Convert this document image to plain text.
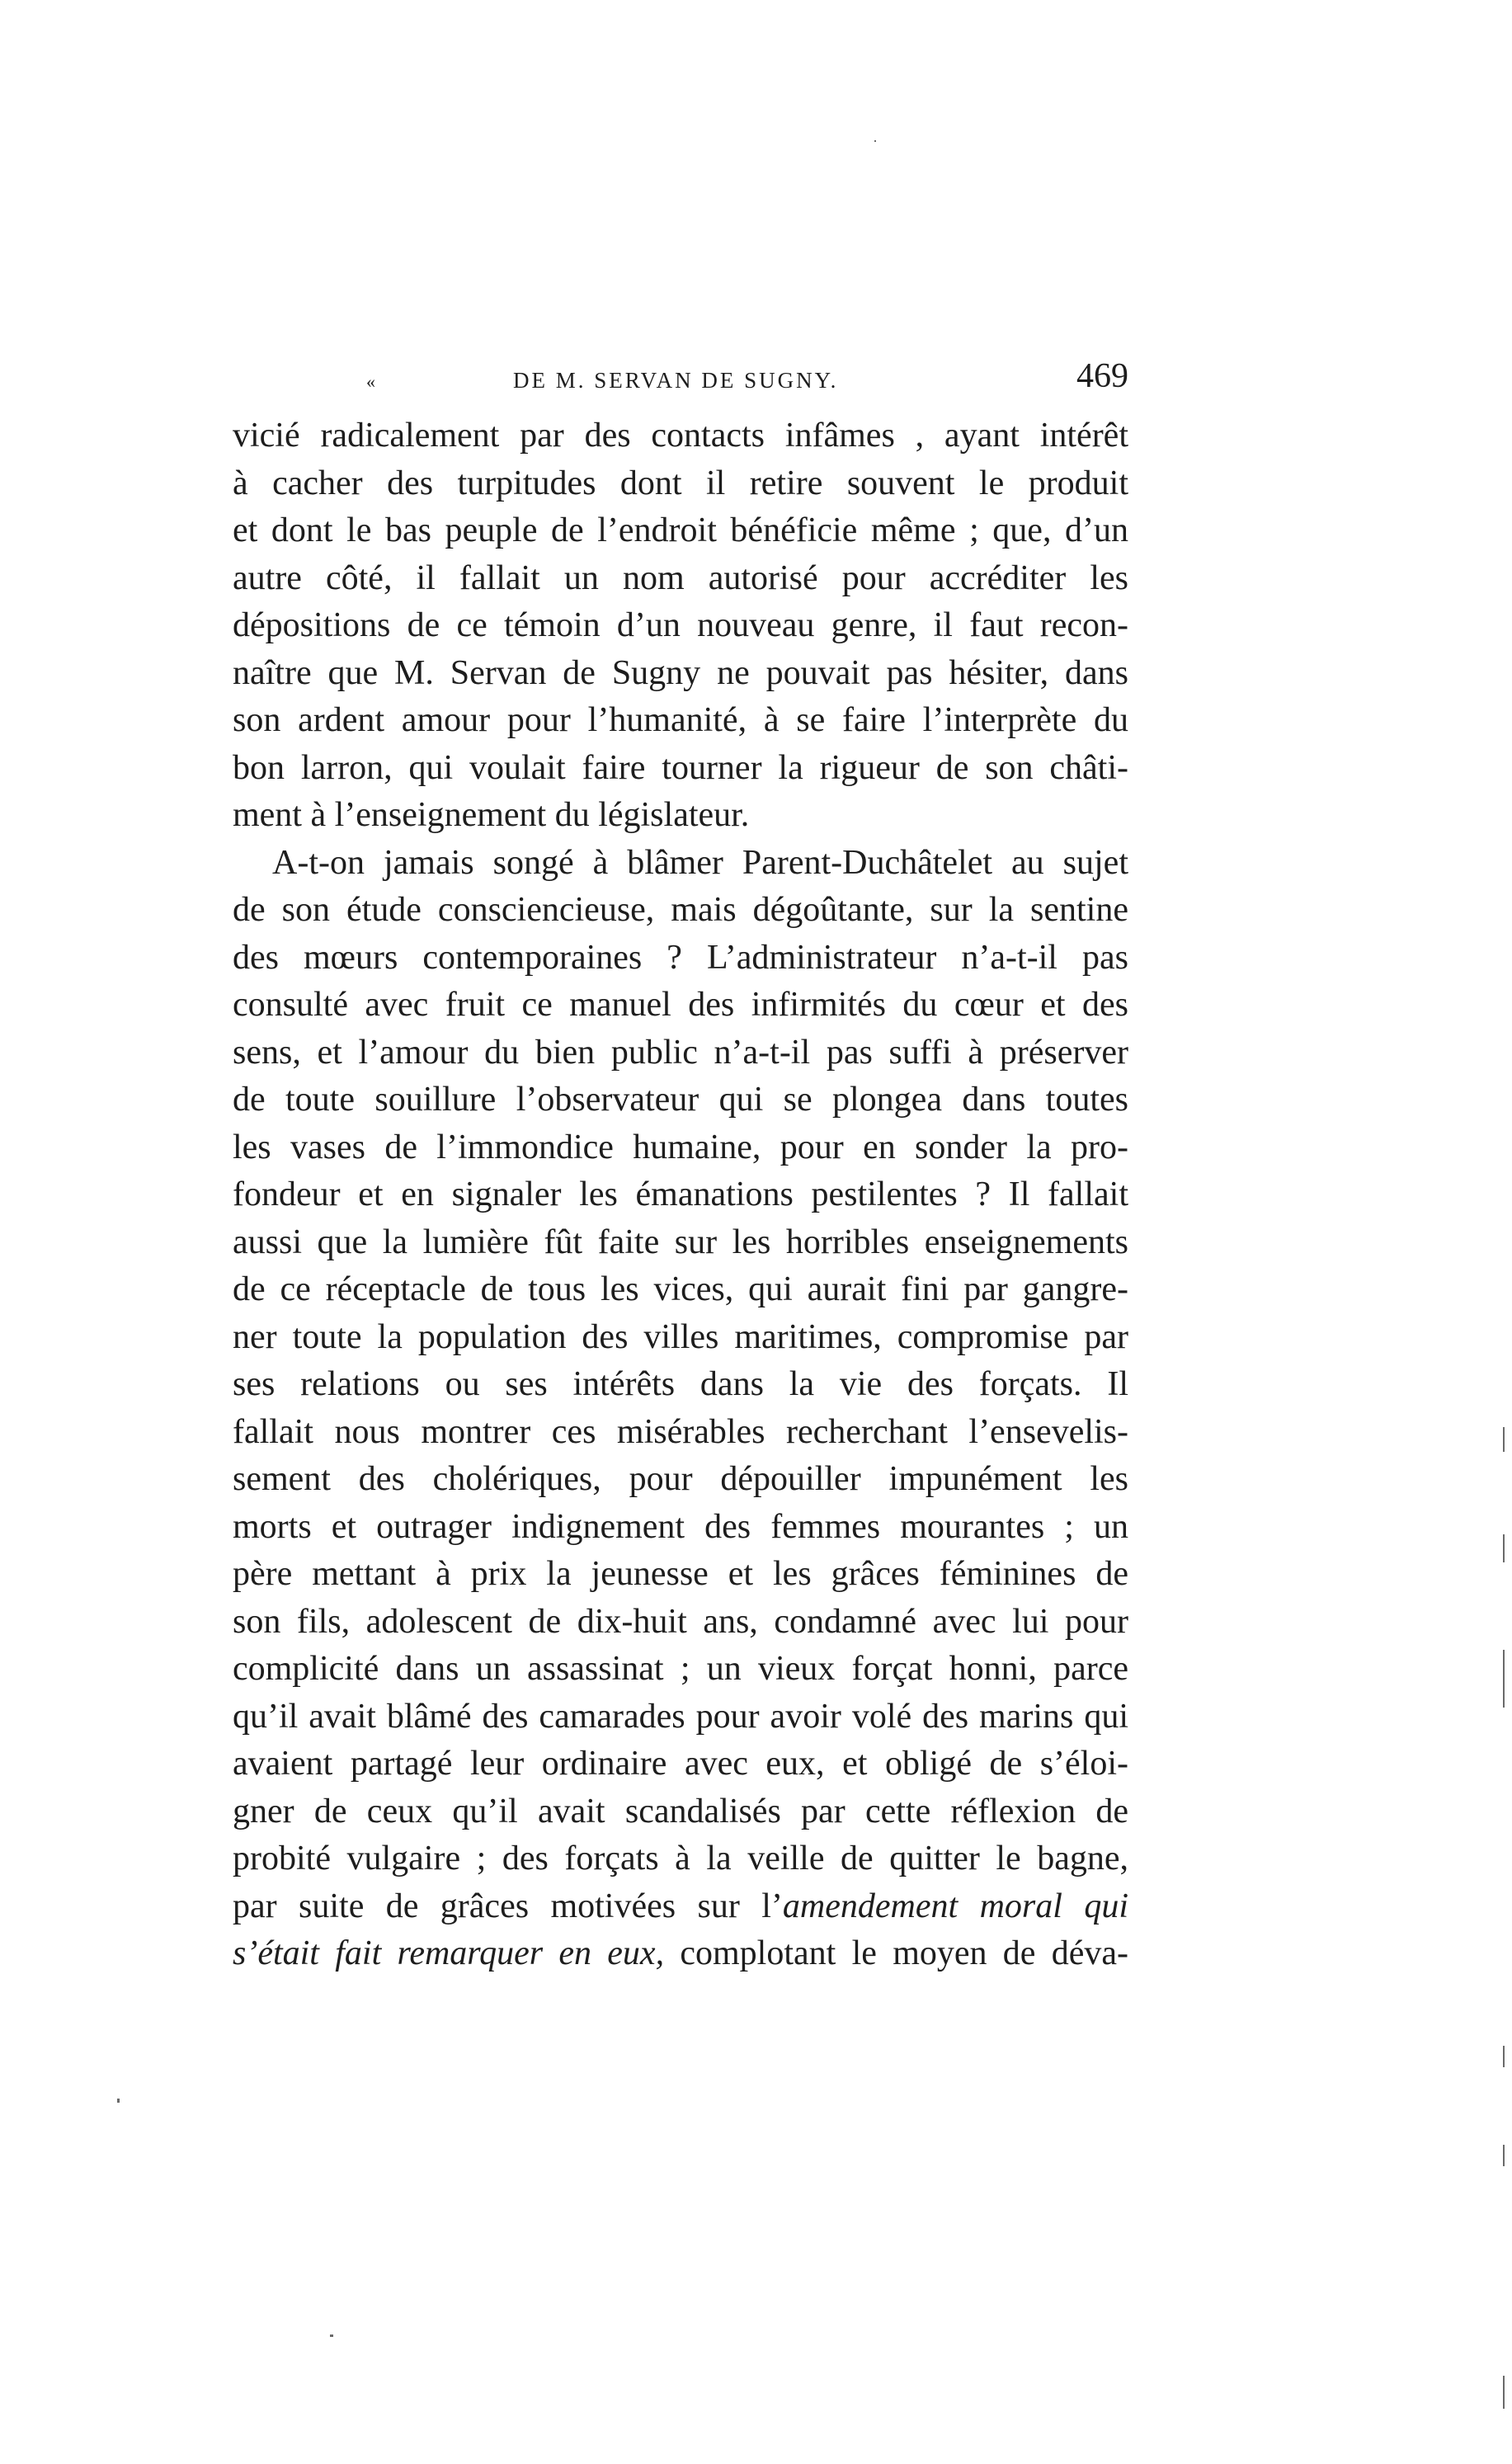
«	DE M. SERVAN DE SUGNY.	469
vicié radicalement par des contacts infâmes , ayant intérêt
à cacher des turpitudes dont il retire souvent le produit
et dont le bas peuple de l’endroit bénéficie même ; que, d’un
autre côté, il fallait un nom autorisé pour accréditer les
dépositions de ce témoin d’un nouveau genre, il faut recon-
naître que M. Servan de Sugny ne pouvait pas hésiter, dans
son ardent amour pour l’humanité, à se faire l’interprète du
bon larron, qui voulait faire tourner la rigueur de son châti-
ment à l’enseignement du législateur.
A-t-on jamais songé à blâmer Parent-Duchâtelet au sujet
de son étude consciencieuse, mais dégoûtante, sur la sentine
des mœurs contemporaines ? L’administrateur n’a-t-il pas
consulté avec fruit ce manuel des infirmités du cœur et des
sens, et l’amour du bien public n’a-t-il pas suffi à préserver
de toute souillure l’observateur qui se plongea dans toutes
les vases de l’immondice humaine, pour en sonder la pro-
fondeur et en signaler les émanations pestilentes ? Il fallait
aussi que la lumière fût faite sur les horribles enseignements
de ce réceptacle de tous les vices, qui aurait fini par gangre-
ner toute la population des villes maritimes, compromise par
ses relations ou ses intérêts dans la vie des forçats. Il
fallait nous montrer ces misérables recherchant l’ensevelis-
sement des cholériques, pour dépouiller impunément les
morts et outrager indignement des femmes mourantes ; un
père mettant à prix la jeunesse et les grâces féminines de
son fils, adolescent de dix-huit ans, condamné avec lui pour
complicité dans un assassinat ; un vieux forçat honni, parce
qu’il avait blâmé des camarades pour avoir volé des marins qui
avaient partagé leur ordinaire avec eux, et obligé de s’éloi-
gner de ceux qu’il avait scandalisés par cette réflexion de
probité vulgaire ; des forçats à la veille de quitter le bagne,
par suite de grâces motivées sur l’amendement moral qui
s’était fait remarquer en eux, complotant le moyen de déva-
